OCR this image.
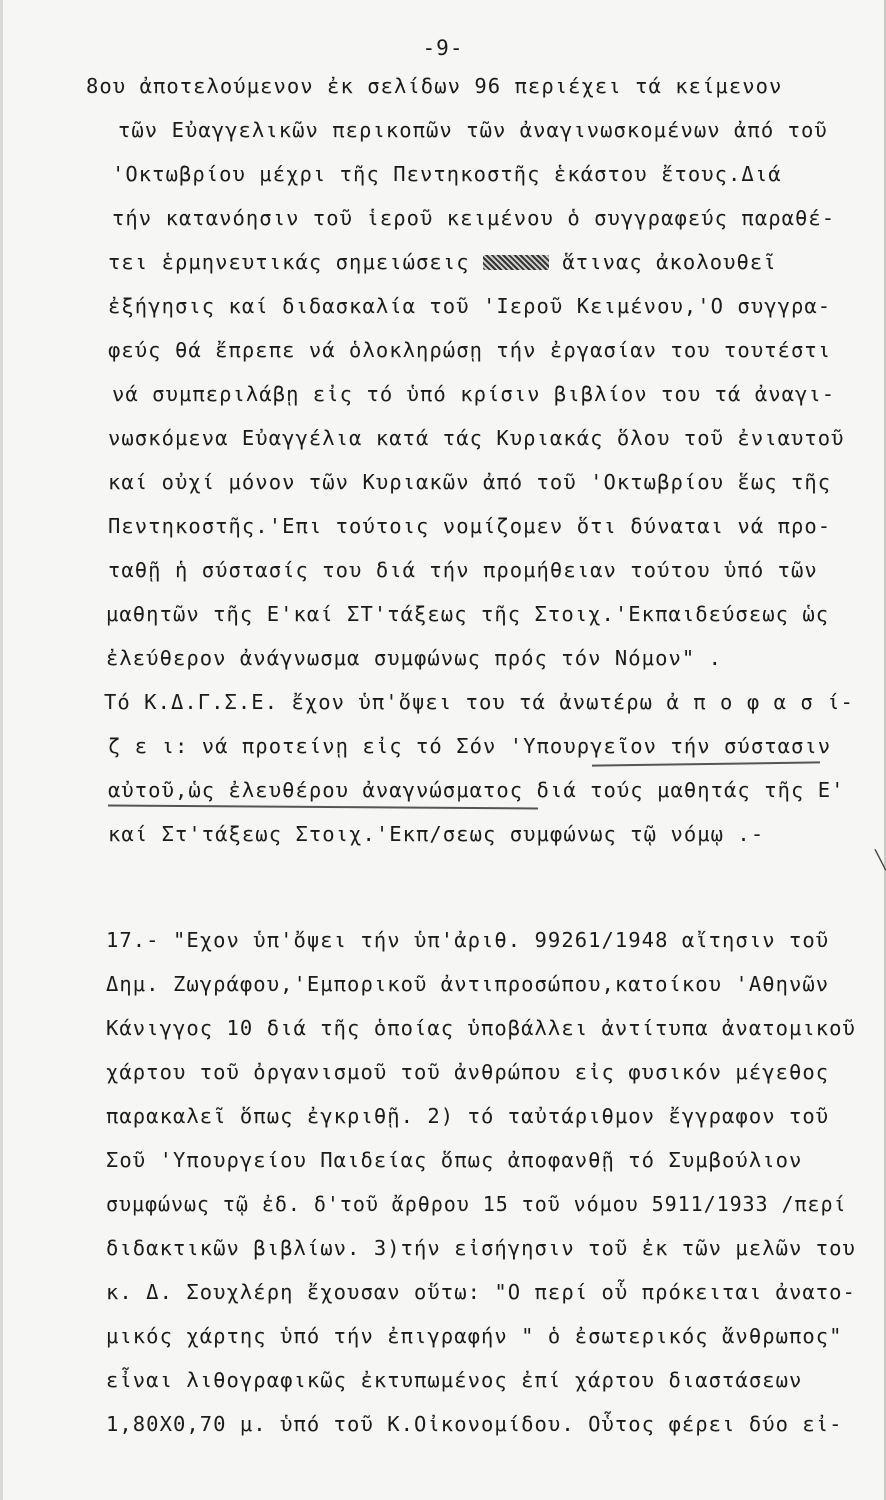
-9-
8ου ἀποτελούμενον ἐκ σελίδων 96 περιέχει τά κείμενον
τῶν Εὐαγγελικῶν περικοπῶν τῶν ἀναγινωσκομένων ἀπό τοῦ
'Οκτωβρίου μέχρι τῆς Πεντηκοστῆς ἑκάστου ἔτους.Διά
τήν κατανόησιν τοῦ ἱεροῦ κειμένου ὁ συγγραφεύς παραθέ-
τει ἑρμηνευτικάς σημειώσεις	ἅτινας ἀκολουθεῖ
ἐξήγησις καί διδασκαλία τοῦ 'Ιεροῦ Κειμένου,'Ο συγγρα-
φεύς θά ἔπρεπε νά ὁλοκληρώσῃ τήν ἐργασίαν του τουτέστι
νά συμπεριλάβῃ εἰς τό ὑπό κρίσιν βιβλίον του τά ἀναγι-
νωσκόμενα Εὐαγγέλια κατά τάς Κυριακάς ὅλου τοῦ ἐνιαυτοῦ
καί οὐχί μόνον τῶν Κυριακῶν ἀπό τοῦ 'Οκτωβρίου ἕως τῆς
Πεντηκοστῆς.'Επι τούτοις νομίζομεν ὅτι δύναται νά προ-
ταθῇ ἡ σύστασίς του διά τήν προμήθειαν τούτου ὑπό τῶν
μαθητῶν τῆς Ε'καί ΣΤ'τάξεως τῆς Στοιχ.'Εκπαιδεύσεως ὡς
ἐλεύθερον ἀνάγνωσμα συμφώνως πρός τόν Νόμον" .
Τό Κ.Δ.Γ.Σ.Ε. ἔχον ὑπ'ὄψει του τά ἀνωτέρω ἀ π ο φ α σ ί-
ζ ε ι: νά προτείνῃ εἰς τό Σόν 'Υπουργεῖον τήν σύστασιν
αὐτοῦ,ὡς ἐλευθέρου ἀναγνώσματος διά τούς μαθητάς τῆς Ε'
καί Στ'τάξεως Στοιχ.'Εκπ/σεως συμφώνως τῷ νόμῳ .-
╲
17.- "Εχον ὑπ'ὄψει τήν ὑπ'ἀριθ. 99261/1948 αἴτησιν τοῦ
Δημ. Ζωγράφου,'Εμπορικοῦ ἀντιπροσώπου,κατοίκου 'Αθηνῶν
Κάνιγγος 10 διά τῆς ὁποίας ὑποβάλλει ἀντίτυπα ἀνατομικοῦ
χάρτου τοῦ ὀργανισμοῦ τοῦ ἀνθρώπου εἰς φυσικόν μέγεθος
παρακαλεῖ ὅπως ἐγκριθῇ. 2) τό ταὐτάριθμον ἔγγραφον τοῦ
Σοῦ 'Υπουργείου Παιδείας ὅπως ἀποφανθῇ τό Συμβούλιον
συμφώνως τῷ ἐδ. δ'τοῦ ἄρθρου 15 τοῦ νόμου 5911/1933 /περί
διδακτικῶν βιβλίων. 3)τήν εἰσήγησιν τοῦ ἐκ τῶν μελῶν του
κ. Δ. Σουχλέρη ἔχουσαν οὕτω: "Ο περί οὗ πρόκειται ἀνατο-
μικός χάρτης ὑπό τήν ἐπιγραφήν " ὁ ἐσωτερικός ἄνθρωπος"
εἶναι λιθογραφικῶς ἐκτυπωμένος ἐπί χάρτου διαστάσεων
1,80Χ0,70 μ. ὑπό τοῦ Κ.Οἰκονομίδου. Οὗτος φέρει δύο εἰ-
